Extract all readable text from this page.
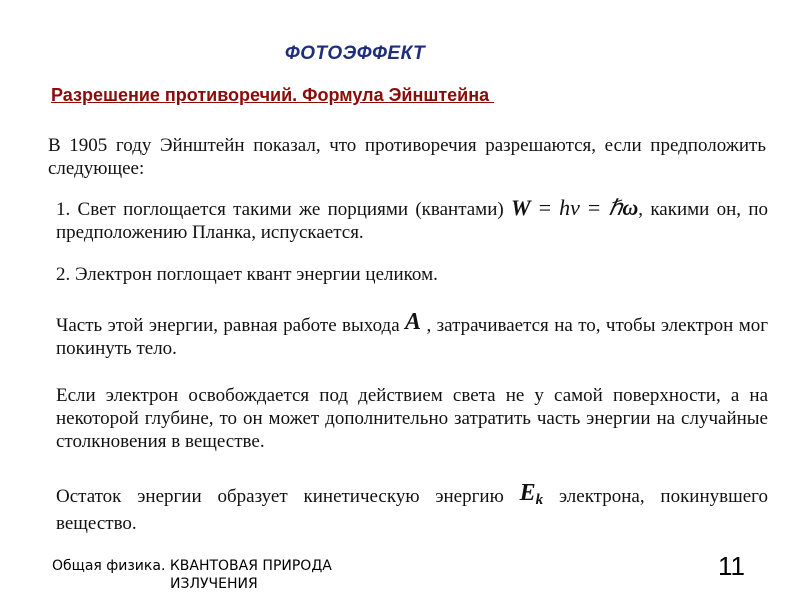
ФОТОЭФФЕКТ
Разрешение противоречий. Формула Эйнштейна
В 1905 году Эйнштейн показал, что противоречия разрешаются, если предположить следующее:
1. Свет поглощается такими же порциями (квантами) W = hν = ℏω, какими он, по предположению Планка, испускается.
2. Электрон поглощает квант энергии целиком.
Часть этой энергии, равная работе выхода A , затрачивается на то, чтобы электрон мог покинуть тело.
Если электрон освобождается под действием света не у самой поверхности, а на некоторой глубине, то он может дополнительно затратить часть энергии на случайные столкновения в веществе.
Остаток энергии образует кинетическую энергию $E_k$ электрона, покинувшего вещество.
Общая физика. КВАНТОВАЯ ПРИРОДА
ИЗЛУЧЕНИЯ
11
